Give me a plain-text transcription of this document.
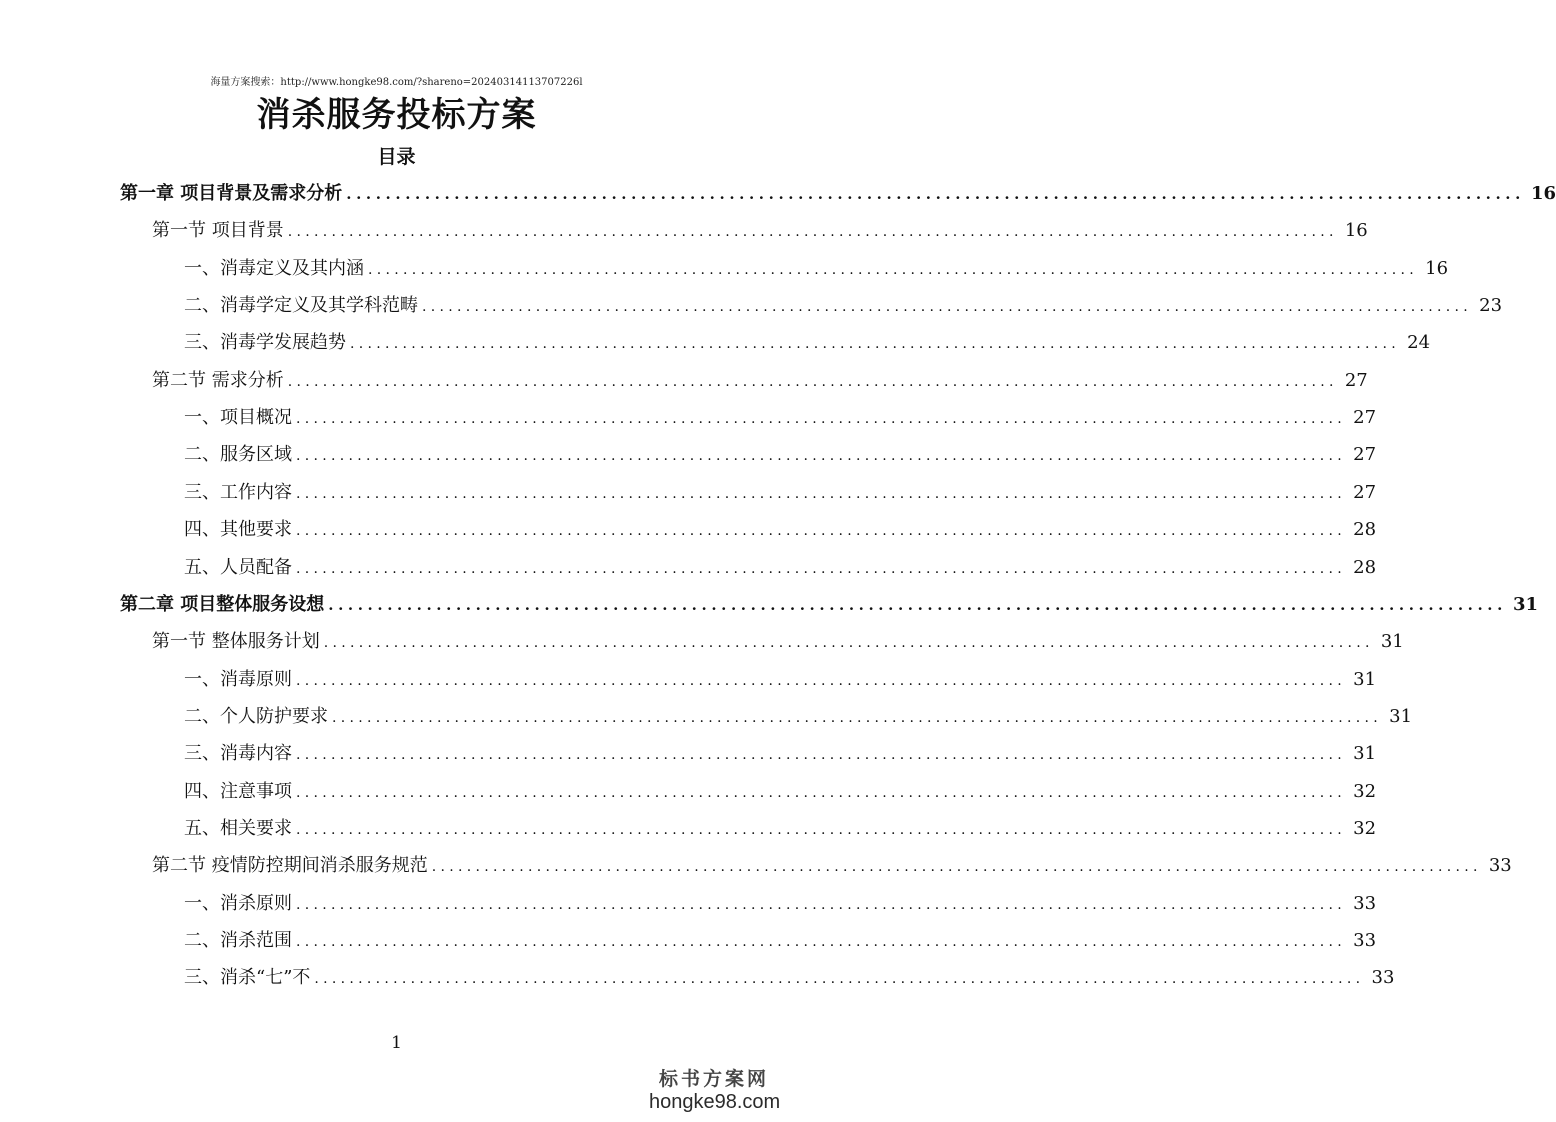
海量方案搜索：http://www.hongke98.com/?shareno=20240314113707226l
消杀服务投标方案
目录
第一章 项目背景及需求分析 ........................................................................................................................ 16
第一节 项目背景 ........................................................................................................................ 16
一、消毒定义及其内涵 ........................................................................................................................ 16
二、消毒学定义及其学科范畴 ........................................................................................................................ 23
三、消毒学发展趋势 ........................................................................................................................ 24
第二节 需求分析 ........................................................................................................................ 27
一、项目概况 ........................................................................................................................ 27
二、服务区域 ........................................................................................................................ 27
三、工作内容 ........................................................................................................................ 27
四、其他要求 ........................................................................................................................ 28
五、人员配备 ........................................................................................................................ 28
第二章 项目整体服务设想 ........................................................................................................................ 31
第一节 整体服务计划 ........................................................................................................................ 31
一、消毒原则 ........................................................................................................................ 31
二、个人防护要求 ........................................................................................................................ 31
三、消毒内容 ........................................................................................................................ 31
四、注意事项 ........................................................................................................................ 32
五、相关要求 ........................................................................................................................ 32
第二节 疫情防控期间消杀服务规范 ........................................................................................................................ 33
一、消杀原则 ........................................................................................................................ 33
二、消杀范围 ........................................................................................................................ 33
三、消杀“七”不 ........................................................................................................................ 33
1
标书方案网
hongke98.com
